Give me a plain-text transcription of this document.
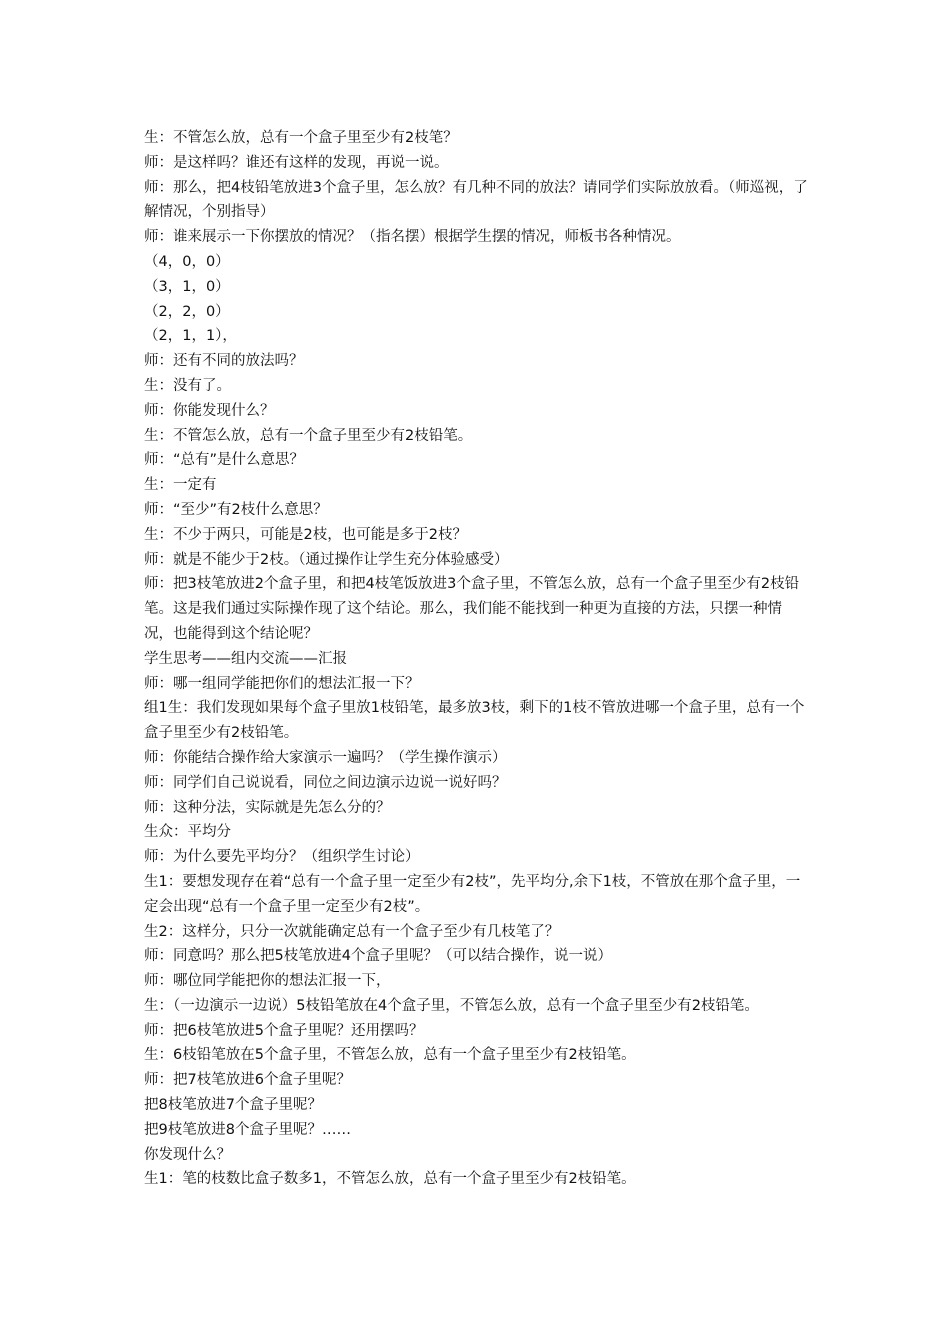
生：不管怎么放，总有一个盒子里至少有2枝笔？

师：是这样吗？谁还有这样的发现，再说一说。

师：那么，把4枝铅笔放进3个盒子里，怎么放？有几种不同的放法？请同学们实际放放看。（师巡视，了解情况，个别指导）

师：谁来展示一下你摆放的情况？（指名摆）根据学生摆的情况，师板书各种情况。

（4，0，0）

（3，1，0）

（2，2，0）

（2，1，1），

师：还有不同的放法吗？

生：没有了。

师：你能发现什么？

生：不管怎么放，总有一个盒子里至少有2枝铅笔。

师：“总有”是什么意思？

生：一定有

师：“至少”有2枝什么意思？

生：不少于两只，可能是2枝，也可能是多于2枝？

师：就是不能少于2枝。（通过操作让学生充分体验感受）

师：把3枝笔放进2个盒子里，和把4枝笔饭放进3个盒子里，不管怎么放，总有一个盒子里至少有2枝铅笔。这是我们通过实际操作现了这个结论。那么，我们能不能找到一种更为直接的方法，只摆一种情况，也能得到这个结论呢？

学生思考——组内交流——汇报

师：哪一组同学能把你们的想法汇报一下？

组1生：我们发现如果每个盒子里放1枝铅笔，最多放3枝，剩下的1枝不管放进哪一个盒子里，总有一个盒子里至少有2枝铅笔。

师：你能结合操作给大家演示一遍吗？（学生操作演示）

师：同学们自己说说看，同位之间边演示边说一说好吗？

师：这种分法，实际就是先怎么分的？

生众：平均分

师：为什么要先平均分？（组织学生讨论）

生1：要想发现存在着“总有一个盒子里一定至少有2枝”，先平均分,余下1枝，不管放在那个盒子里，一定会出现“总有一个盒子里一定至少有2枝”。

生2：这样分，只分一次就能确定总有一个盒子至少有几枝笔了？

师：同意吗？那么把5枝笔放进4个盒子里呢？（可以结合操作，说一说）

师：哪位同学能把你的想法汇报一下，

生：（一边演示一边说）5枝铅笔放在4个盒子里，不管怎么放，总有一个盒子里至少有2枝铅笔。

师：把6枝笔放进5个盒子里呢？还用摆吗？

生：6枝铅笔放在5个盒子里，不管怎么放，总有一个盒子里至少有2枝铅笔。

师：把7枝笔放进6个盒子里呢？

把8枝笔放进7个盒子里呢？

把9枝笔放进8个盒子里呢？……

你发现什么？

生1：笔的枝数比盒子数多1，不管怎么放，总有一个盒子里至少有2枝铅笔。
